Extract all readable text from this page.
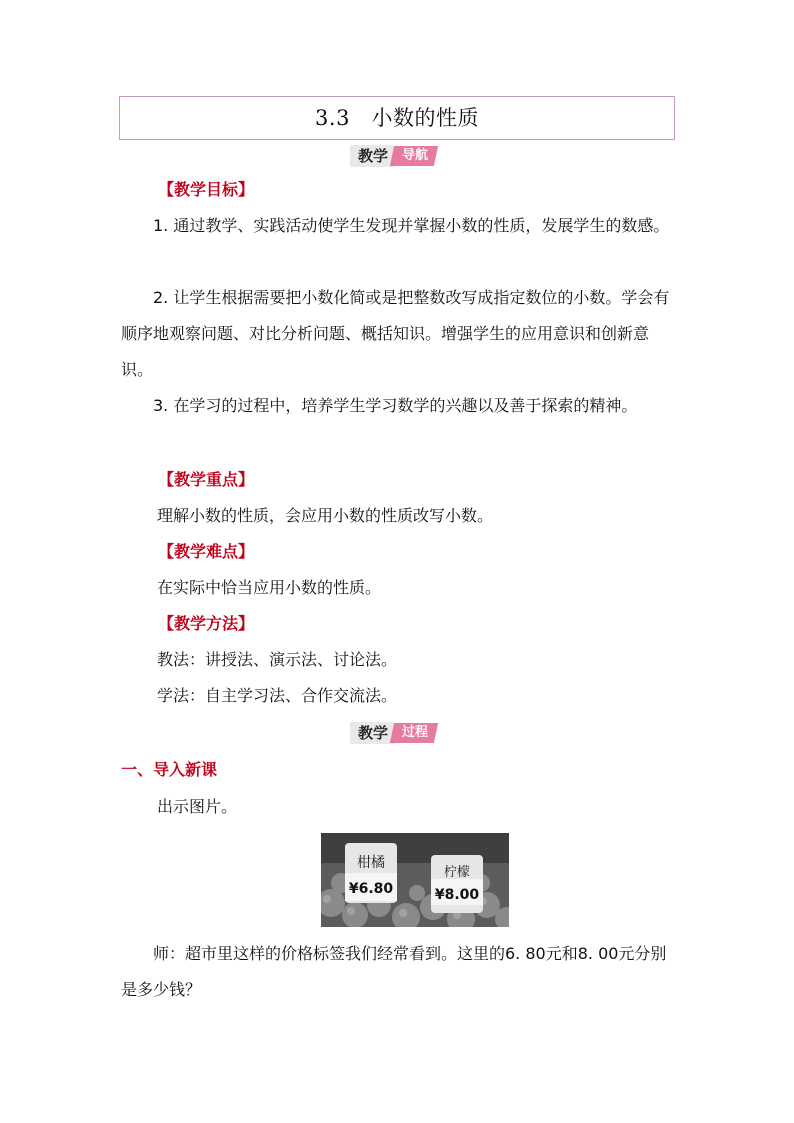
3.3　小数的性质
教学	导航
【教学目标】

1. 通过教学、实践活动使学生发现并掌握小数的性质，发展学生的数感。

2. 让学生根据需要把小数化简或是把整数改写成指定数位的小数。学会有顺序地观察问题、对比分析问题、概括知识。增强学生的应用意识和创新意识。

3. 在学习的过程中，培养学生学习数学的兴趣以及善于探索的精神。

【教学重点】
理解小数的性质，会应用小数的性质改写小数。
【教学难点】
在实际中恰当应用小数的性质。
【教学方法】
教法：讲授法、演示法、讨论法。
学法：自主学习法、合作交流法。
教学	过程
一、导入新课
出示图片。
柑橘
¥6.80
柠檬
¥8.00

师：超市里这样的价格标签我们经常看到。这里的6. 80元和8. 00元分别是多少钱？
